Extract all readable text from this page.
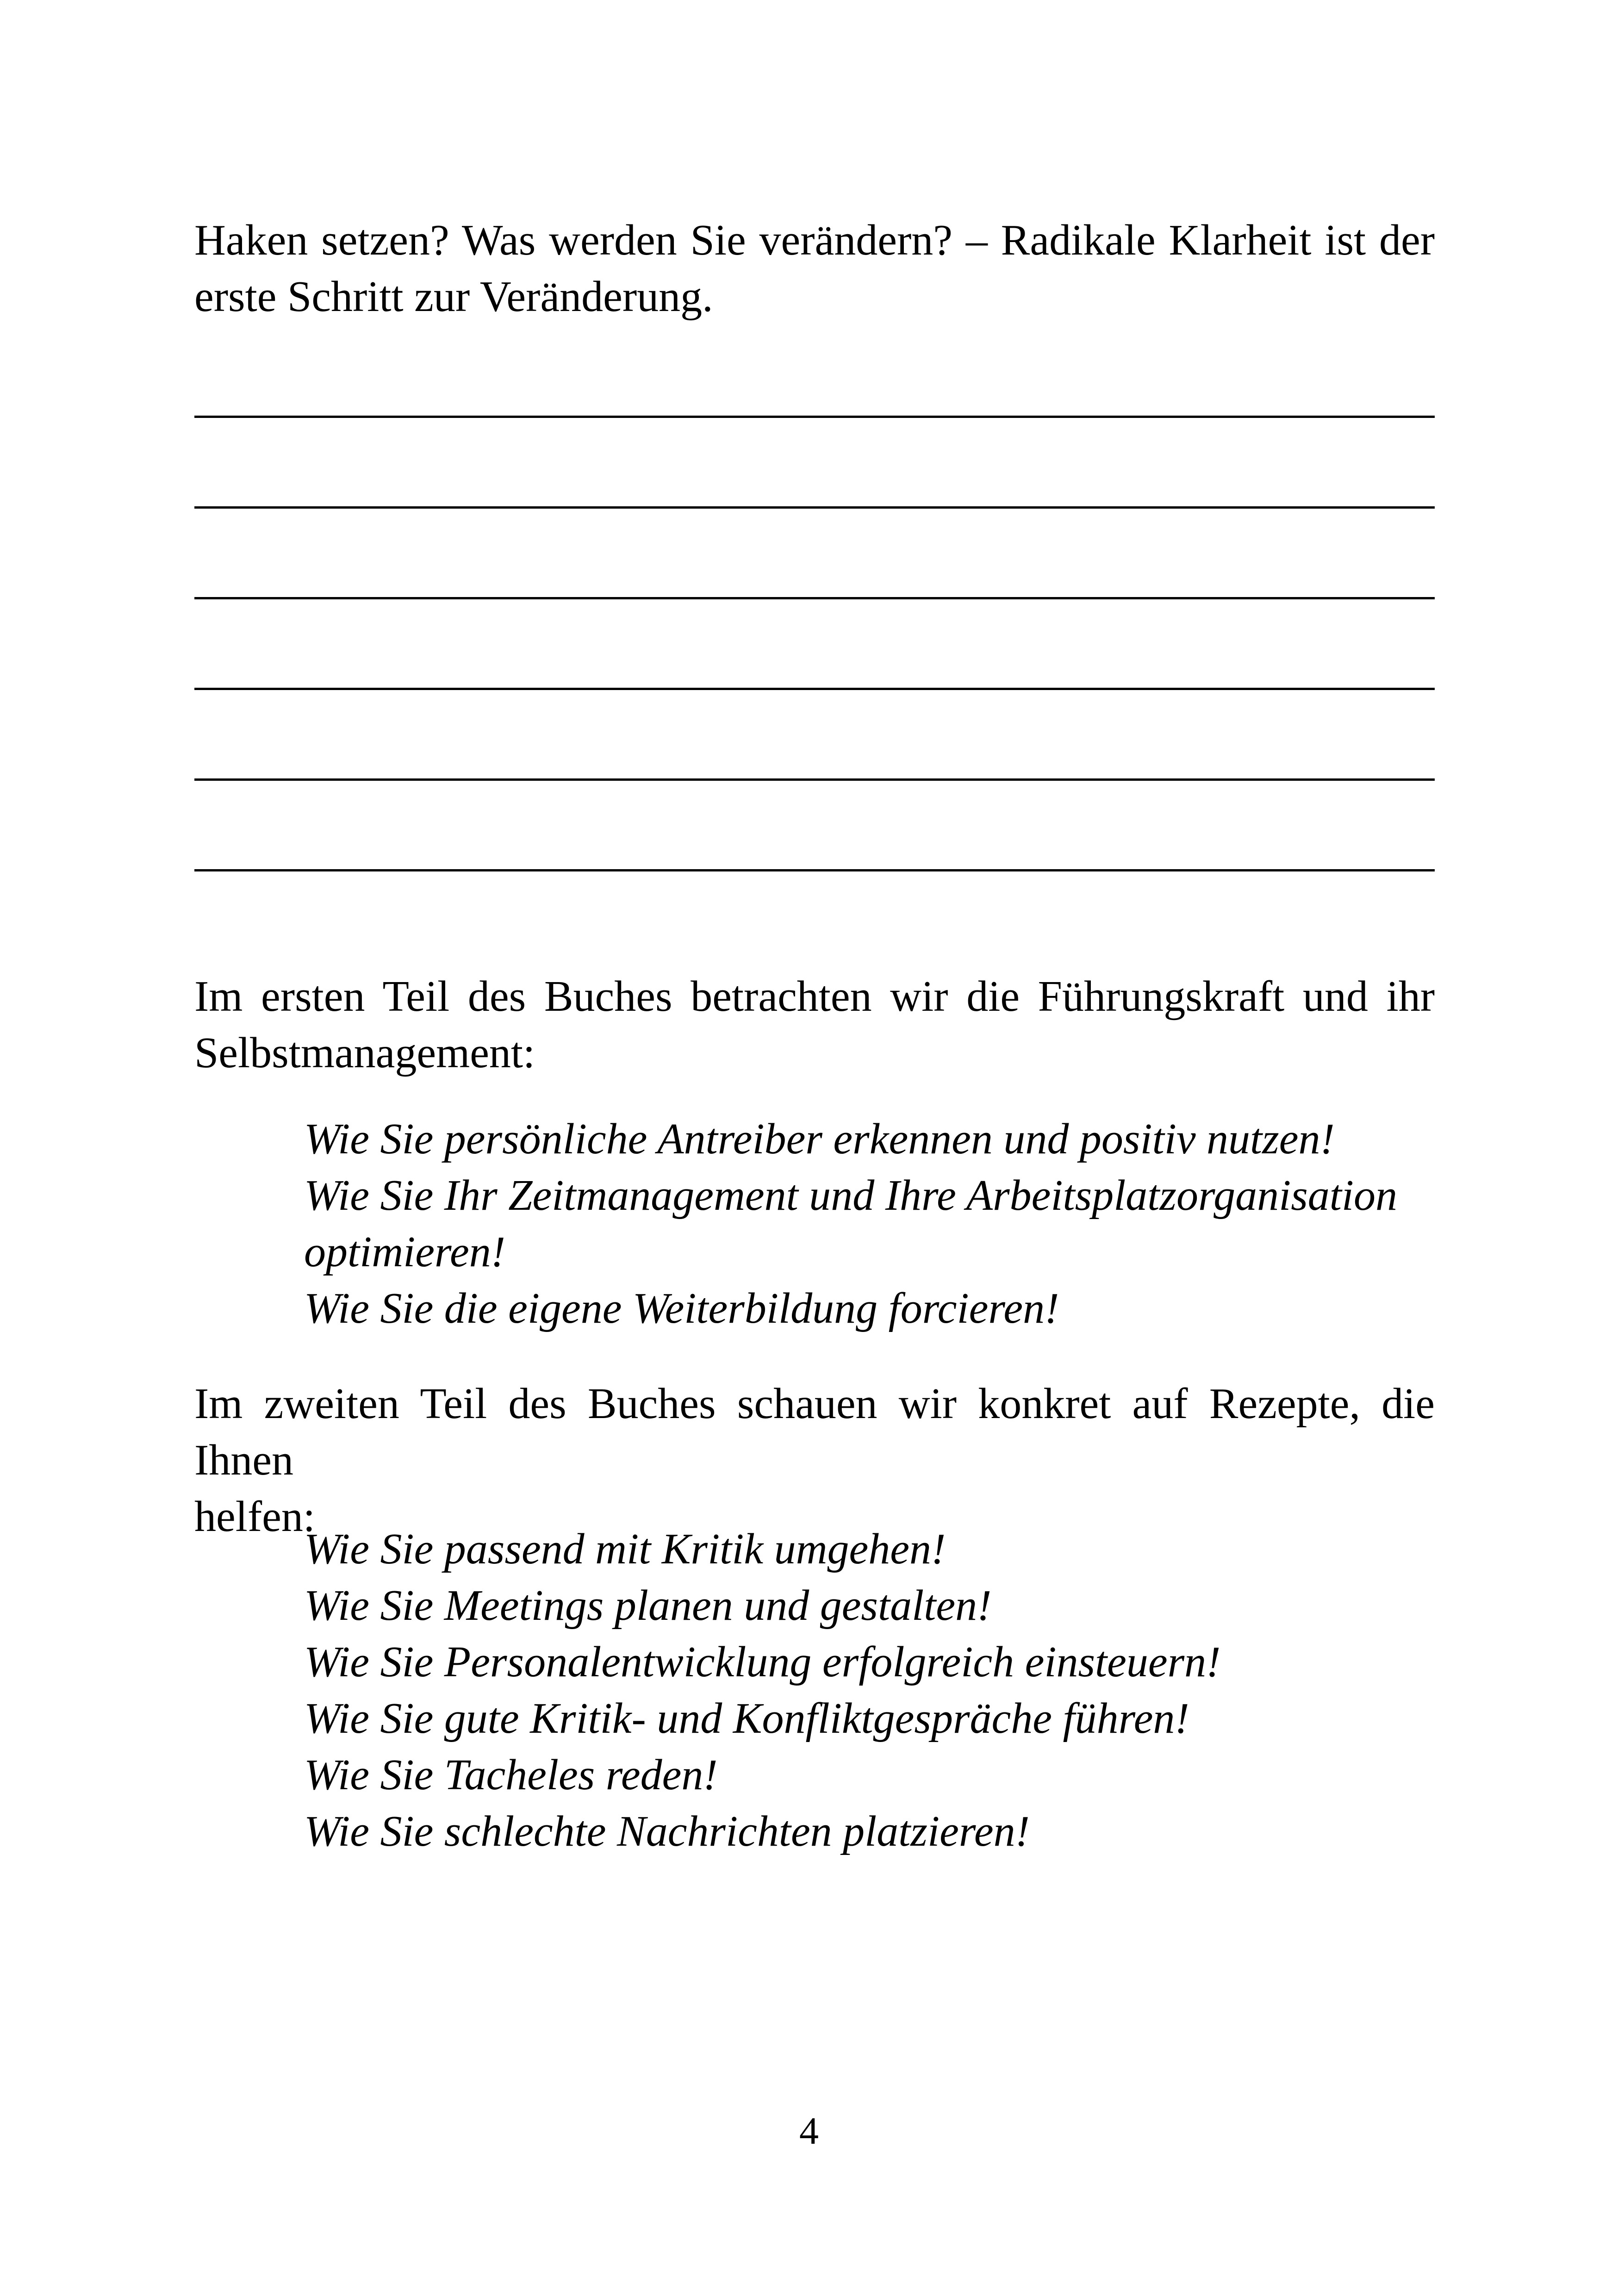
Haken setzen? Was werden Sie verändern? – Radikale Klarheit ist der
erste Schritt zur Veränderung.

Im ersten Teil des Buches betrachten wir die Führungskraft und ihr
Selbstmanagement:

Wie Sie persönliche Antreiber erkennen und positiv nutzen!
Wie Sie Ihr Zeitmanagement und Ihre Arbeitsplatzorganisation
optimieren!
Wie Sie die eigene Weiterbildung forcieren!

Im zweiten Teil des Buches schauen wir konkret auf Rezepte, die Ihnen
helfen:

Wie Sie passend mit Kritik umgehen!
Wie Sie Meetings planen und gestalten!
Wie Sie Personalentwicklung erfolgreich einsteuern!
Wie Sie gute Kritik- und Konfliktgespräche führen!
Wie Sie Tacheles reden!
Wie Sie schlechte Nachrichten platzieren!
4
